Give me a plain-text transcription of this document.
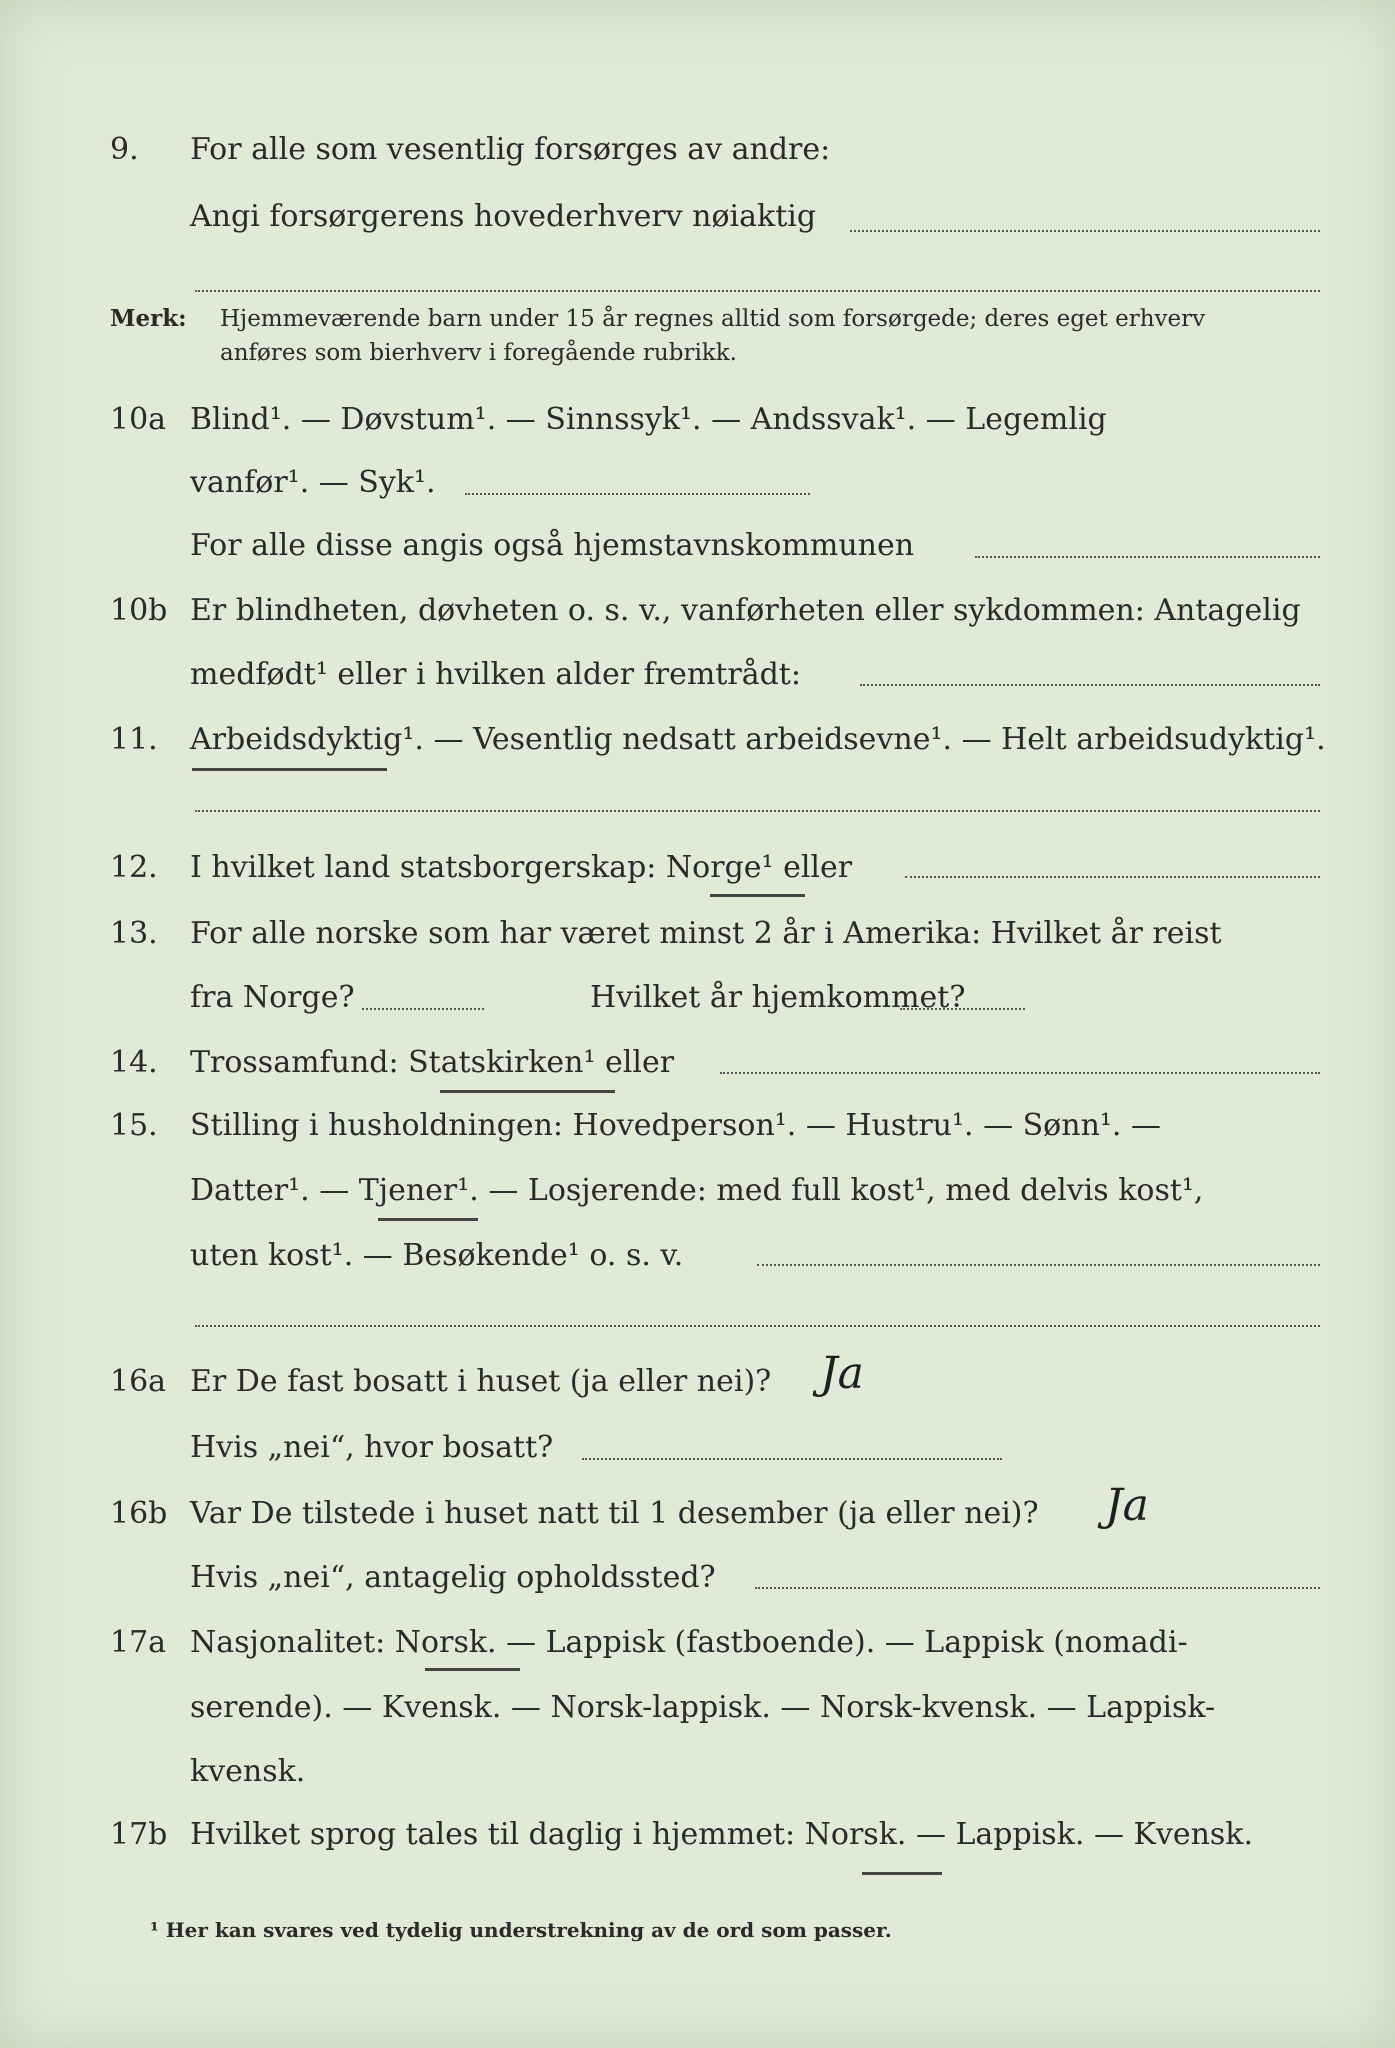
9.	For alle som vesentlig forsørges av andre:
Angi forsørgerens hovederhverv nøiaktig
Merk: Hjemmeværende barn under 15 år regnes alltid som forsørgede; deres eget erhverv
anføres som bierhverv i foregående rubrikk.
10a Blind¹. — Døvstum¹. — Sinnssyk¹. — Andssvak¹. — Legemlig
vanfør¹. — Syk¹.
For alle disse angis også hjemstavnskommunen
10b Er blindheten, døvheten o. s. v., vanførheten eller sykdommen: Antagelig
medfødt¹ eller i hvilken alder fremtrådt:
11.	Arbeidsdyktig¹. — Vesentlig nedsatt arbeidsevne¹. — Helt arbeidsudyktig¹.
12.	I hvilket land statsborgerskap: Norge¹ eller
13.	For alle norske som har været minst 2 år i Amerika: Hvilket år reist
fra Norge?	Hvilket år hjemkommet?
14.	Trossamfund: Statskirken¹ eller
15.	Stilling i husholdningen: Hovedperson¹. — Hustru¹. — Sønn¹. —
Datter¹. — Tjener¹. — Losjerende: med full kost¹, med delvis kost¹,
uten kost¹. — Besøkende¹ o. s. v.
16a Er De fast bosatt i huset (ja eller nei)? Ja
Hvis „nei“, hvor bosatt?
16b Var De tilstede i huset natt til 1 desember (ja eller nei)? Ja
Hvis „nei“, antagelig opholdssted?
17a Nasjonalitet: Norsk. — Lappisk (fastboende). — Lappisk (nomadi-
serende). — Kvensk. — Norsk-lappisk. — Norsk-kvensk. — Lappisk-
kvensk.
17b Hvilket sprog tales til daglig i hjemmet: Norsk. — Lappisk. — Kvensk.
¹ Her kan svares ved tydelig understrekning av de ord som passer.
